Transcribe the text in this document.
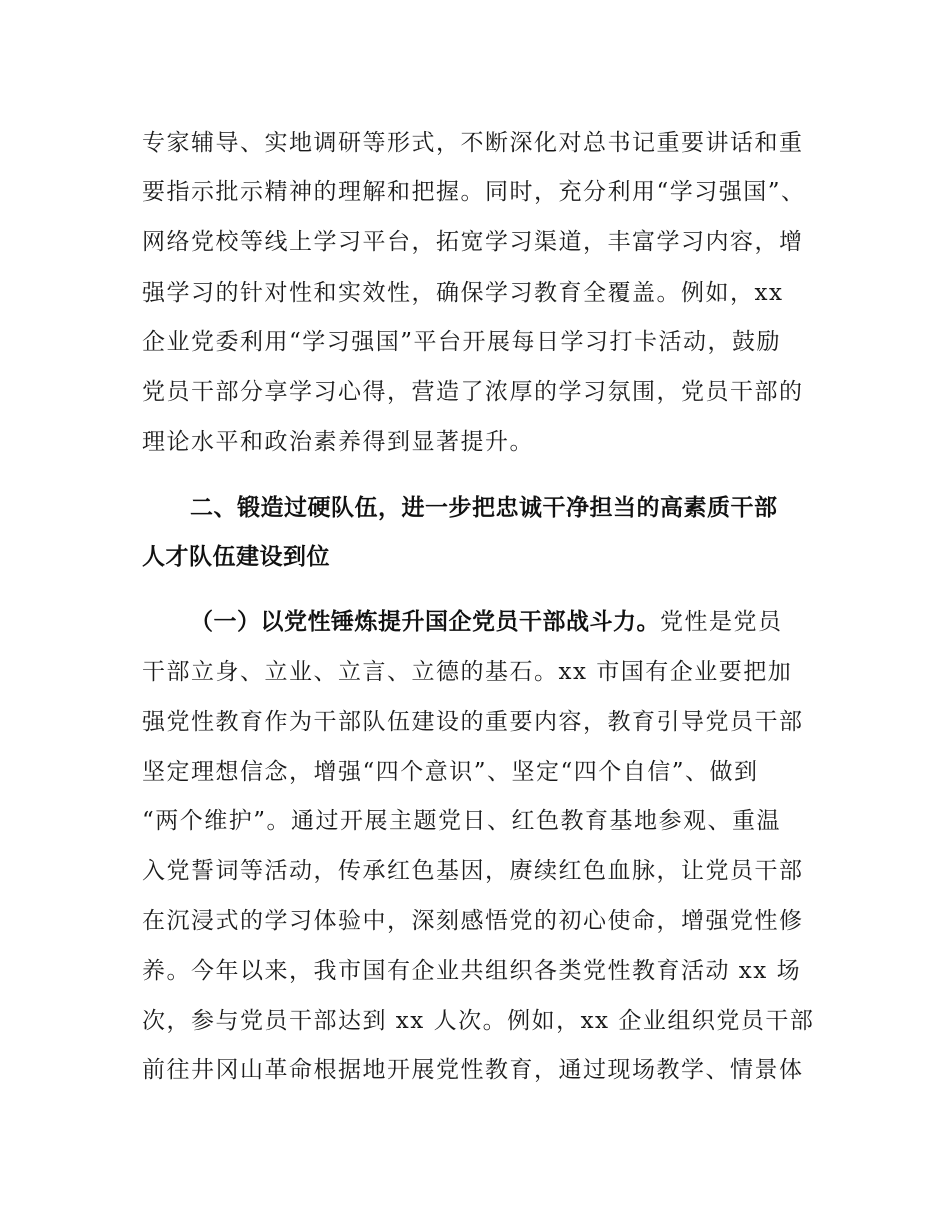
专家辅导、实地调研等形式，不断深化对总书记重要讲话和重
要指示批示精神的理解和把握。同时，充分利用“学习强国”、
网络党校等线上学习平台，拓宽学习渠道，丰富学习内容，增
强学习的针对性和实效性，确保学习教育全覆盖。例如，xx
企业党委利用“学习强国”平台开展每日学习打卡活动，鼓励
党员干部分享学习心得，营造了浓厚的学习氛围，党员干部的
理论水平和政治素养得到显著提升。
二、锻造过硬队伍，进一步把忠诚干净担当的高素质干部
人才队伍建设到位
（一）以党性锤炼提升国企党员干部战斗力。党性是党员
干部立身、立业、立言、立德的基石。xx 市国有企业要把加
强党性教育作为干部队伍建设的重要内容，教育引导党员干部
坚定理想信念，增强“四个意识”、坚定“四个自信”、做到
“两个维护”。通过开展主题党日、红色教育基地参观、重温
入党誓词等活动，传承红色基因，赓续红色血脉，让党员干部
在沉浸式的学习体验中，深刻感悟党的初心使命，增强党性修
养。今年以来，我市国有企业共组织各类党性教育活动 xx 场
次，参与党员干部达到 xx 人次。例如，xx 企业组织党员干部
前往井冈山革命根据地开展党性教育，通过现场教学、情景体
